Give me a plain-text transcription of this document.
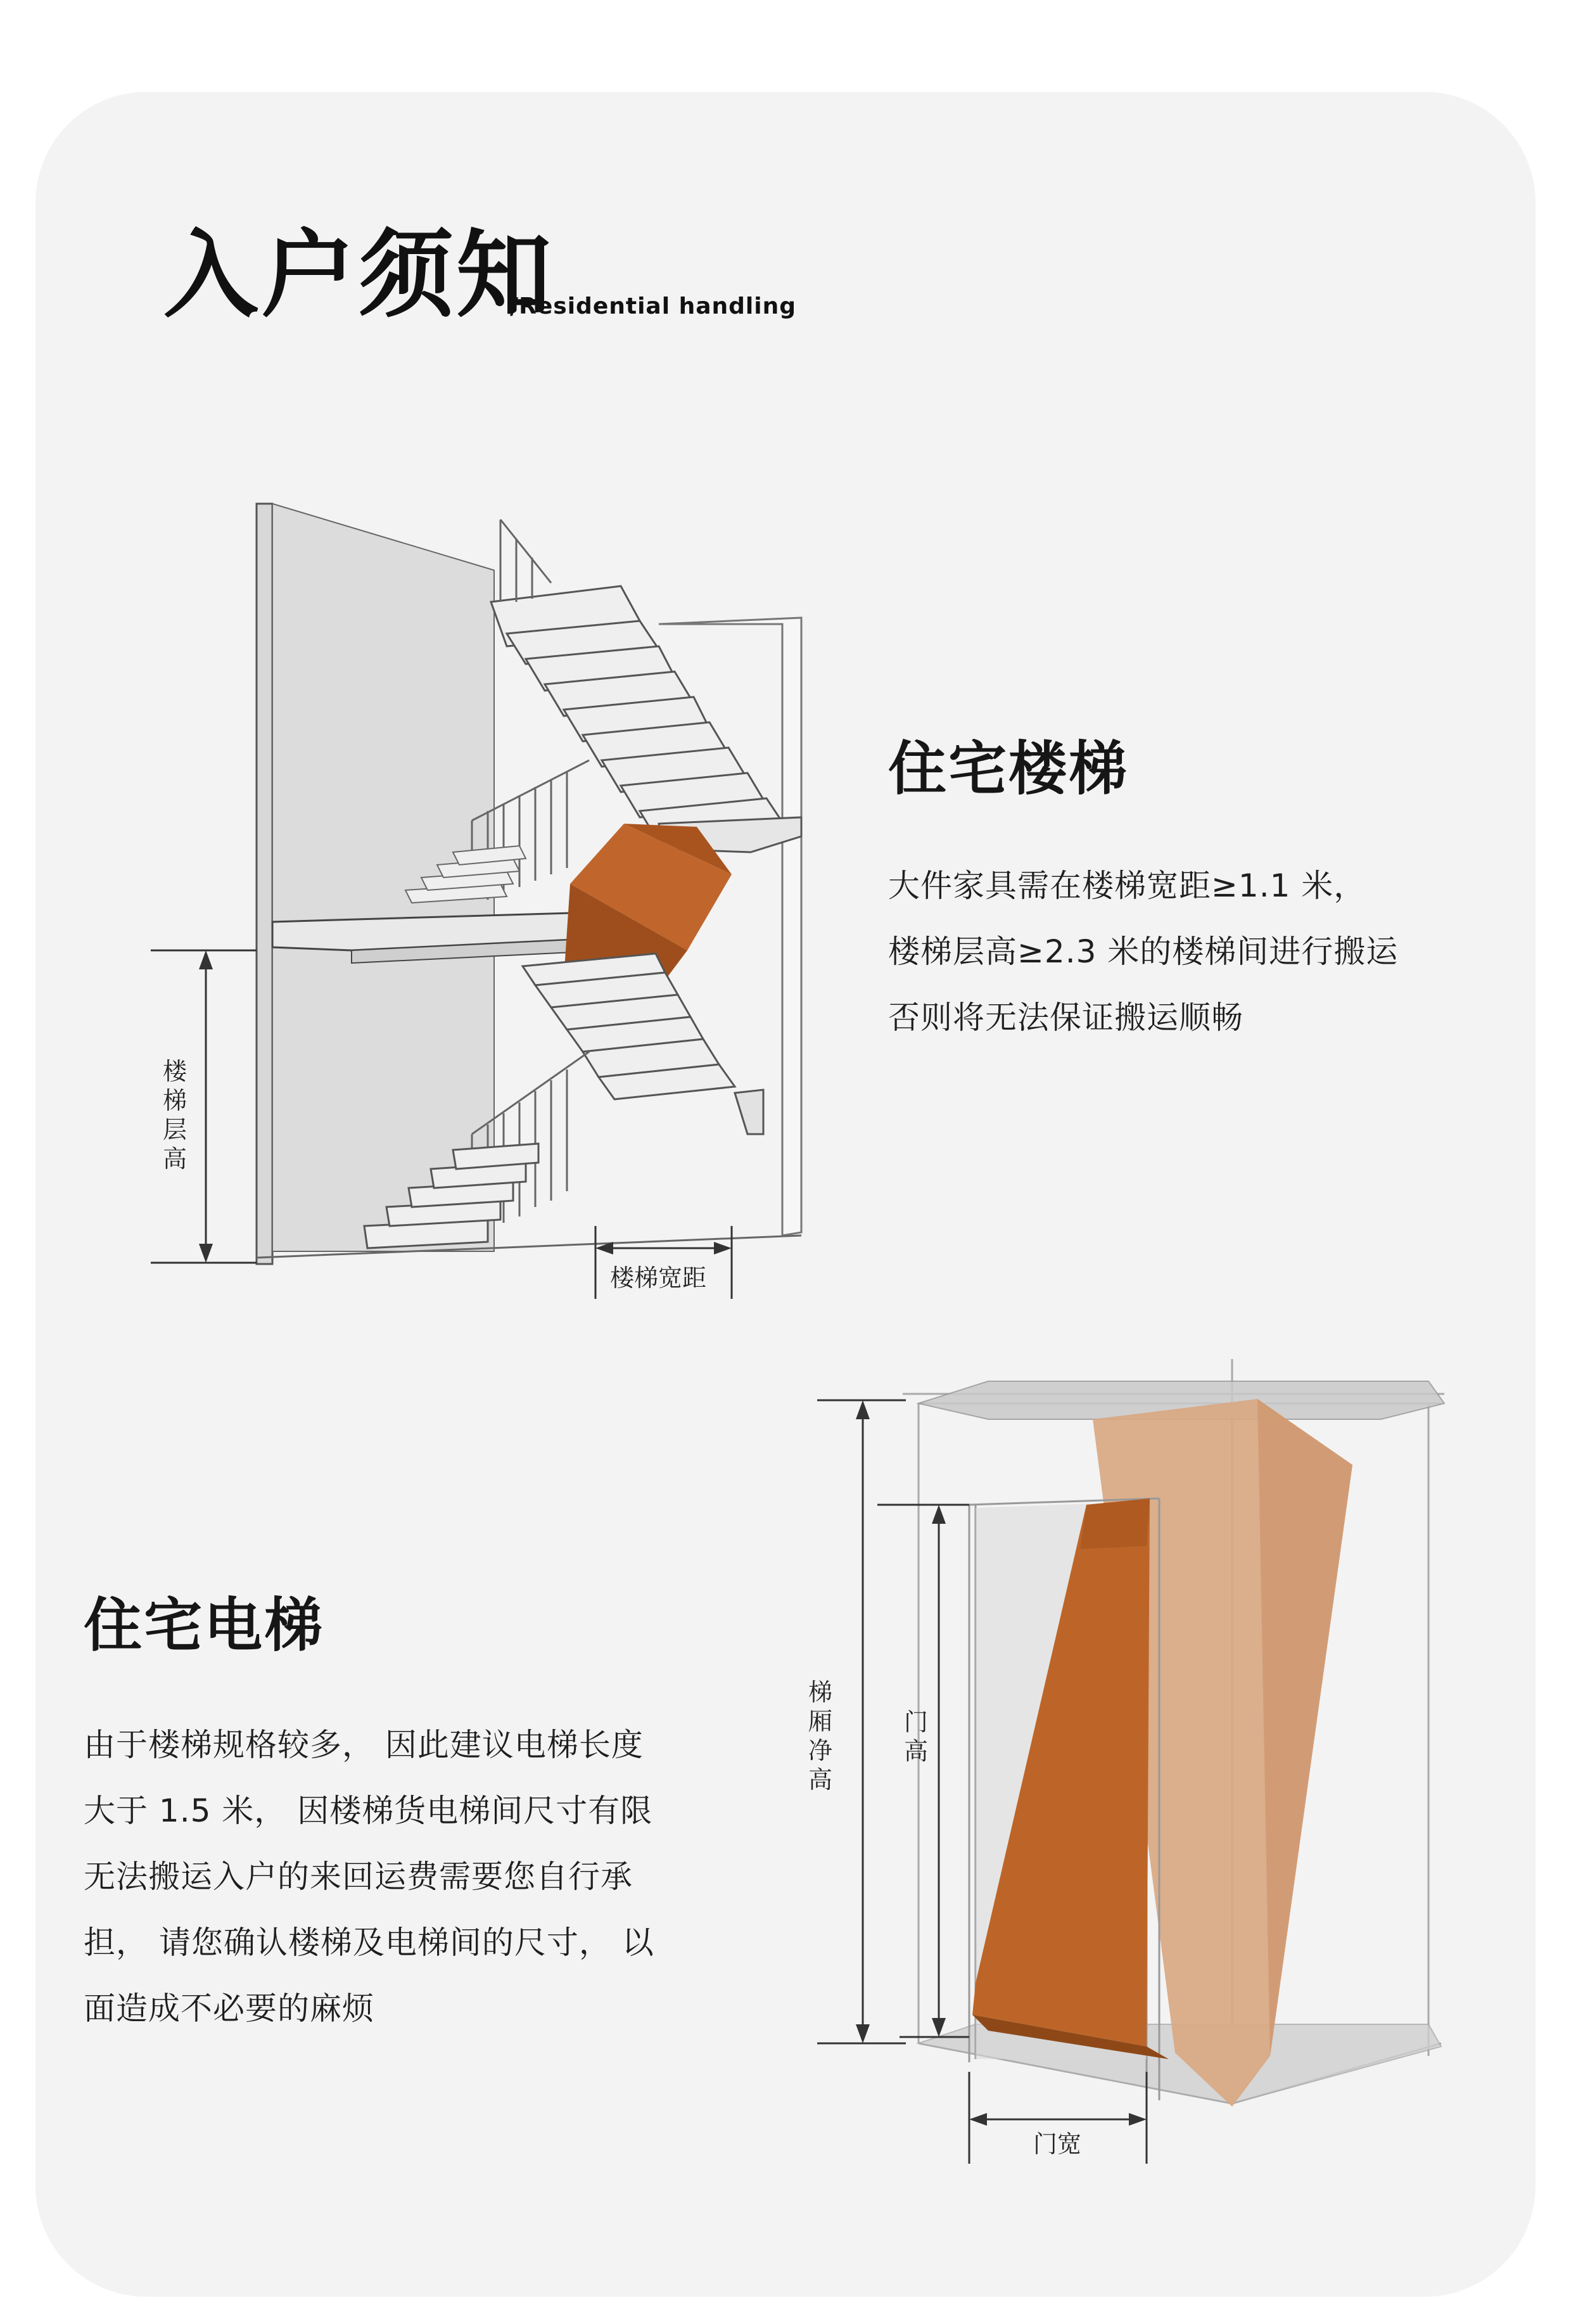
入户须知
/Residential handling
楼
梯
层
高
楼梯宽距
住宅楼梯
大件家具需在楼梯宽距≥1.1 米，
楼梯层高≥2.3 米的楼梯间进行搬运
否则将无法保证搬运顺畅
梯
厢
净
高
门
高
门宽
住宅电梯
由于楼梯规格较多， 因此建议电梯长度
大于 1.5 米， 因楼梯货电梯间尺寸有限
无法搬运入户的来回运费需要您自行承
担， 请您确认楼梯及电梯间的尺寸， 以
面造成不必要的麻烦
